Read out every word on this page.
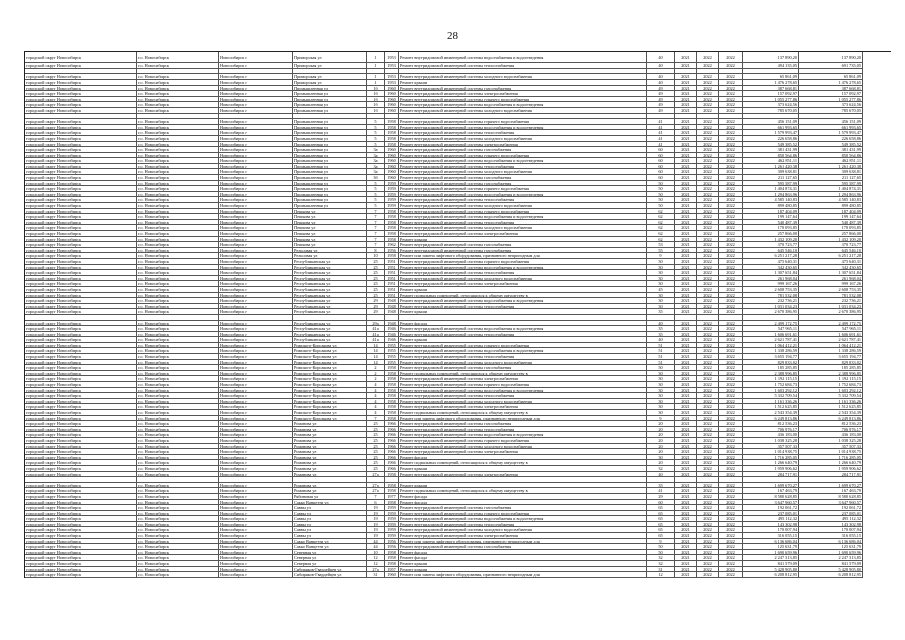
28
городской округ Новосибирск	г.о. Новосибирск	Новосибирск г	Приморская ул	1	1953 Ремонт внутридомовой инженерной системы водоснабжения и водоотведения	40	2021	2022	2022	137 890,20	137 890,20
городской округ Новосибирск	г.о. Новосибирск	Новосибирск г	Приморская ул	1	1953 Ремонт внутридомовой инженерной системы теплоснабжения	40	2021	2022	2022	494 135,05	691 735,05
городской округ Новосибирск	г.о. Новосибирск	Новосибирск г	Приморская ул	1	1953 Ремонт внутридомовой инженерной системы холодного водоснабжения	40	2021	2022	2022	65 861,09	65 861,09
городской округ Новосибирск	г.о. Новосибирск	Новосибирск г	Приморская ул	1	1953 Ремонт крыши	40	2021	2022	2022	1 476 278,65	1 476 278,65
городской округ Новосибирск	г.о. Новосибирск	Новосибирск г	Промышленная ул	1б	1960 Ремонт внутридомовой инженерной системы газоснабжения	49	2021	2022	2022	387 668,81	387 668,81
городской округ Новосибирск	г.о. Новосибирск	Новосибирск г	Промышленная ул	1б	1960 Ремонт внутридомовой инженерной системы электроснабжения	49	2021	2022	2022	157 092,97	157 092,97
городской округ Новосибирск	г.о. Новосибирск	Новосибирск г	Промышленная ул	1б	1960 Ремонт внутридомовой инженерной системы горячего водоснабжения	49	2021	2022	2022	1 055 277,86	1 055 277,86
городской округ Новосибирск	г.о. Новосибирск	Новосибирск г	Промышленная ул	1б	1960 Ремонт внутридомовой инженерной системы водоснабжения и водоотведения	49	2021	2022	2022	373 624,56	373 624,56
городской округ Новосибирск	г.о. Новосибирск	Новосибирск г	Промышленная ул	1б	1960 Ремонт внутридомовой инженерной системы холодного водоснабжения	49	2021	2022	2022	785 670,05	785 670,05
городской округ Новосибирск	г.о. Новосибирск	Новосибирск г	Промышленная ул	5	1958 Ремонт внутридомовой инженерной системы горячего водоснабжения	41	2021	2022	2022	456 151,09	456 151,09
городской округ Новосибирск	г.о. Новосибирск	Новосибирск г	Промышленная ул	5	1958 Ремонт внутридомовой инженерной системы водоснабжения и водоотведения	41	2021	2022	2022	661 993,65	661 993,65
городской округ Новосибирск	г.о. Новосибирск	Новосибирск г	Промышленная ул	5	1958 Ремонт внутридомовой инженерной системы теплоснабжения	41	2021	2022	2022	1 579 993,47	1 579 993,47
городской округ Новосибирск	г.о. Новосибирск	Новосибирск г	Промышленная ул	5	1958 Ремонт внутридомовой инженерной системы холодного водоснабжения	41	2021	2022	2022	226 658,86	226 658,86
городской округ Новосибирск	г.о. Новосибирск	Новосибирск г	Промышленная ул	5	1958 Ремонт внутридомовой инженерной системы электроснабжения	41	2021	2022	2022	549 385,52	549 385,52
городской округ Новосибирск	г.о. Новосибирск	Новосибирск г	Промышленная ул	3а	1960 Ремонт внутридомовой инженерной системы газоснабжения	60	2021	2022	2022	381 431,99	381 431,99
городской округ Новосибирск	г.о. Новосибирск	Новосибирск г	Промышленная ул	3а	1960 Ремонт внутридомовой инженерной системы горячего водоснабжения	60	2021	2022	2022	850 564,86	850 564,86
городской округ Новосибирск	г.о. Новосибирск	Новосибирск г	Промышленная ул	3а	1960 Ремонт внутридомовой инженерной системы водоснабжения и водоотведения	60	2021	2022	2022	462 851,11	462 851,11
городской округ Новосибирск	г.о. Новосибирск	Новосибирск г	Промышленная ул	3а	1960 Ремонт внутридомовой инженерной системы теплоснабжения	60	2021	2022	2022	1 261 420,38	1 261 420,38
городской округ Новосибирск	г.о. Новосибирск	Новосибирск г	Промышленная ул	3а	1960 Ремонт внутридомовой инженерной системы холодного водоснабжения	60	2021	2022	2022	309 638,81	309 638,81
городской округ Новосибирск	г.о. Новосибирск	Новосибирск г	Промышленная ул	3б	1960 Ремонт внутридомовой инженерной системы газоснабжения	60	2021	2022	2022	211 127,65	211 127,65
городской округ Новосибирск	г.о. Новосибирск	Новосибирск г	Промышленная ул	5	1959 Ремонт внутридомовой инженерной системы газоснабжения	50	2021	2022	2022	595 587,99	595 587,99
городской округ Новосибирск	г.о. Новосибирск	Новосибирск г	Промышленная ул	5	1959 Ремонт внутридомовой инженерной системы горячего водоснабжения	50	2021	2022	2022	1 404 874,31	1 404 874,31
городской округ Новосибирск	г.о. Новосибирск	Новосибирск г	Промышленная ул	5	1959 Ремонт внутридомовой инженерной системы водоснабжения и водоотведения	50	2021	2022	2022	1 294 863,96	1 294 863,96
городской округ Новосибирск	г.о. Новосибирск	Новосибирск г	Промышленная ул	5	1959 Ремонт внутридомовой инженерной системы теплоснабжения	50	2021	2022	2022	4 585 140,83	4 585 140,83
городской округ Новосибирск	г.о. Новосибирск	Новосибирск г	Промышленная ул	5	1959 Ремонт внутридомовой инженерной системы холодного водоснабжения	50	2021	2022	2022	899 480,85	899 480,85
городской округ Новосибирск	г.о. Новосибирск	Новосибирск г	Пешкова ул	7	1958 Ремонт внутридомовой инженерной системы горячего водоснабжения	62	2021	2022	2022	187 404,09	187 404,09
городской округ Новосибирск	г.о. Новосибирск	Новосибирск г	Пешкова ул	7	1958 Ремонт внутридомовой инженерной системы водоснабжения и водоотведения	62	2021	2022	2022	199 147,64	199 147,64
городской округ Новосибирск	г.о. Новосибирск	Новосибирск г	Пешкова ул	7	1958 Ремонт внутридомовой инженерной системы теплоснабжения	62	2021	2022	2022	540 487,39	540 487,39
городской округ Новосибирск	г.о. Новосибирск	Новосибирск г	Пешкова ул	7	1958 Ремонт внутридомовой инженерной системы холодного водоснабжения	62	2021	2022	2022	170 093,85	170 093,85
городской округ Новосибирск	г.о. Новосибирск	Новосибирск г	Пешкова ул	7	1958 Ремонт внутридомовой инженерной системы электроснабжения	62	2021	2022	2022	257 866,00	257 866,00
городской округ Новосибирск	г.о. Новосибирск	Новосибирск г	Пешкова ул	7	1958 Ремонт крыши	62	2021	2022	2022	1 432 109,20	1 432 109,20
городской округ Новосибирск	г.о. Новосибирск	Новосибирск г	Пешкова ул	7	1962 Ремонт внутридомовой инженерной системы газоснабжения	53	2021	2022	2022	370 723,77	370 723,77
городской округ Новосибирск	г.о. Новосибирск	Новосибирск г	Рельсовая ул	8	1956 Ремонт внутридомовой инженерной системы газоснабжения	55	2021	2022	2022	645 546,10	645 546,10
городской округ Новосибирск	г.о. Новосибирск	Новосибирск г	Рельсовая ул	10	1958 Ремонт или замена лифтового оборудования, признанного непригодным для	9	2021	2022	2022	6 251 217,28	6 251 217,28
городской округ Новосибирск	г.о. Новосибирск	Новосибирск г	Республиканская ул	25	1951 Ремонт внутридомовой инженерной системы горячего водоснабжения	30	2021	2022	2022	475 640,31	475 640,31
городской округ Новосибирск	г.о. Новосибирск	Новосибирск г	Республиканская ул	25	1951 Ремонт внутридомовой инженерной системы водоснабжения и водоотведения	30	2021	2022	2022	342 430,65	342 430,65
городской округ Новосибирск	г.о. Новосибирск	Новосибирск г	Республиканская ул	25	1951 Ремонт внутридомовой инженерной системы теплоснабжения	30	2021	2022	2022	1 307 651,84	1 307 651,84
городской округ Новосибирск	г.о. Новосибирск	Новосибирск г	Республиканская ул	25	1951 Ремонт внутридомовой инженерной системы холодного водоснабжения	30	2021	2022	2022	261 968,04	261 968,04
городской округ Новосибирск	г.о. Новосибирск	Новосибирск г	Республиканская ул	25	1951 Ремонт внутридомовой инженерной системы электроснабжения	30	2021	2022	2022	999 167,26	999 167,26
городской округ Новосибирск	г.о. Новосибирск	Новосибирск г	Республиканская ул	25	1951 Ремонт крыши	45	2021	2022	2022	2 608 753,35	2 608 753,35
городской округ Новосибирск	г.о. Новосибирск	Новосибирск г	Республиканская ул	25	1951 Ремонт подвальных помещений, относящихся к общему имуществу в	30	2021	2022	2022	781 532,08	781 532,08
городской округ Новосибирск	г.о. Новосибирск	Новосибирск г	Республиканская ул	29	1948 Ремонт внутридомовой инженерной системы водоснабжения и водоотведения	30	2021	2022	2022	232 736,21	232 736,21
городской округ Новосибирск	г.о. Новосибирск	Новосибирск г	Республиканская ул	29	1948 Ремонт внутридомовой инженерной системы теплоснабжения	30	2021	2022	2022	1 031 034,23	1 031 034,23
городской округ Новосибирск	г.о. Новосибирск	Новосибирск г	Республиканская ул	29	1948 Ремонт крыши	35	2021	2022	2022	2 670 386,95	2 670 386,95
городской округ Новосибирск	г.о. Новосибирск	Новосибирск г	Республиканская ул	29а	1948 Ремонт фасада	40	2021	2022	2022	2 499 172,75	2 499 172,75
городской округ Новосибирск	г.о. Новосибирск	Новосибирск г	Республиканская ул	41а	1946 Ремонт внутридомовой инженерной системы водоснабжения и водоотведения	35	2021	2022	2022	547 965,11	547 965,11
городской округ Новосибирск	г.о. Новосибирск	Новосибирск г	Республиканская ул	41а	1946 Ремонт внутридомовой инженерной системы теплоснабжения	35	2021	2022	2022	1 606 691,61	1 606 691,61
городской округ Новосибирск	г.о. Новосибирск	Новосибирск г	Республиканская ул	41а	1946 Ремонт крыши	40	2021	2022	2022	2 621 787,41	2 621 787,41
городской округ Новосибирск	г.о. Новосибирск	Новосибирск г	Римского-Корсакова ул	14	1955 Ремонт внутридомовой инженерной системы горячего водоснабжения	51	2021	2022	2022	1 064 412,21	1 064 412,21
городской округ Новосибирск	г.о. Новосибирск	Новосибирск г	Римского-Корсакова ул	14	1955 Ремонт внутридомовой инженерной системы водоснабжения и водоотведения	51	2021	2022	2022	1 338 286,59	1 338 286,59
городской округ Новосибирск	г.о. Новосибирск	Новосибирск г	Римского-Корсакова ул	14	1955 Ремонт внутридомовой инженерной системы теплоснабжения	51	2021	2022	2022	3 655 194,77	3 655 194,77
городской округ Новосибирск	г.о. Новосибирск	Новосибирск г	Римского-Корсакова ул	14	1955 Ремонт внутридомовой инженерной системы холодного водоснабжения	51	2021	2022	2022	829 833,02	829 833,02
городской округ Новосибирск	г.о. Новосибирск	Новосибирск г	Римского-Корсакова ул	2	1958 Ремонт внутридомовой инженерной системы газоснабжения	50	2021	2022	2022	185 285,85	185 285,85
городской округ Новосибирск	г.о. Новосибирск	Новосибирск г	Римского-Корсакова ул	2	1958 Ремонт подвальных помещений, относящихся к общему имуществу в	30	2021	2022	2022	2 388 996,85	2 388 996,85
городской округ Новосибирск	г.о. Новосибирск	Новосибирск г	Римского-Корсакова ул	2	1958 Ремонт внутридомовой инженерной системы электроснабжения	30	2021	2022	2022	1 192 115,15	1 192 115,15
городской округ Новосибирск	г.о. Новосибирск	Новосибирск г	Римского-Корсакова ул	4	1958 Ремонт внутридомовой инженерной системы горячего водоснабжения	30	2021	2022	2022	1 752 684,73	1 752 684,73
городской округ Новосибирск	г.о. Новосибирск	Новосибирск г	Римского-Корсакова ул	4	1958 Ремонт внутридомовой инженерной системы водоснабжения и водоотведения	30	2021	2022	2022	1 603 292,12	1 603 292,12
городской округ Новосибирск	г.о. Новосибирск	Новосибирск г	Римского-Корсакова ул	4	1958 Ремонт внутридомовой инженерной системы теплоснабжения	30	2021	2022	2022	5 332 709,54	5 332 709,54
городской округ Новосибирск	г.о. Новосибирск	Новосибирск г	Римского-Корсакова ул	4	1958 Ремонт внутридомовой инженерной системы холодного водоснабжения	30	2021	2022	2022	1 161 336,26	1 161 336,26
городской округ Новосибирск	г.о. Новосибирск	Новосибирск г	Римского-Корсакова ул	4	1958 Ремонт внутридомовой инженерной системы электроснабжения	30	2021	2022	2022	1 512 625,85	1 512 625,85
городской округ Новосибирск	г.о. Новосибирск	Новосибирск г	Римского-Корсакова ул	4	1958 Ремонт подвальных помещений, относящихся к общему имуществу в	30	2021	2022	2022	2 543 354,39	2 543 354,39
городской округ Новосибирск	г.о. Новосибирск	Новосибирск г	Римского-Корсакова ул	7	1958 Ремонт или замена лифтового оборудования, признанного непригодным для	9	2021	2022	2022	6 249 813,86	6 249 813,86
городской округ Новосибирск	г.о. Новосибирск	Новосибирск г	Романова ул	25	1966 Ремонт внутридомовой инженерной системы газоснабжения	20	2021	2022	2022	812 536,23	812 536,23
городской округ Новосибирск	г.о. Новосибирск	Новосибирск г	Романова ул	25	1966 Ремонт внутридомовой инженерной системы теплоснабжения	20	2021	2022	2022	706 976,17	706 976,17
городской округ Новосибирск	г.о. Новосибирск	Новосибирск г	Романова ул	25	1966 Ремонт внутридомовой инженерной системы водоснабжения и водоотведения	20	2021	2022	2022	436 183,00	436 183,00
городской округ Новосибирск	г.о. Новосибирск	Новосибирск г	Романова ул	25	1966 Ремонт внутридомовой инженерной системы горячего водоснабжения	20	2021	2022	2022	1 038 325,28	1 038 325,28
городской округ Новосибирск	г.о. Новосибирск	Новосибирск г	Романова ул	25	1966 Ремонт внутридомовой инженерной системы холодного водоснабжения	20	2021	2022	2022	357 507,33	357 507,33
городской округ Новосибирск	г.о. Новосибирск	Новосибирск г	Романова ул	25	1966 Ремонт внутридомовой инженерной системы электроснабжения	20	2021	2022	2022	1 014 938,75	1 014 938,75
городской округ Новосибирск	г.о. Новосибирск	Новосибирск г	Романова ул	25	1966 Ремонт фасада	30	2021	2022	2022	1 716 285,05	1 716 285,05
городской округ Новосибирск	г.о. Новосибирск	Новосибирск г	Романова ул	25	1966 Ремонт подвальных помещений, относящихся к общему имуществу в	20	2021	2022	2022	1 266 640,79	1 266 640,79
городской округ Новосибирск	г.о. Новосибирск	Новосибирск г	Романова ул	25	1966 Ремонт крыши	32	2021	2022	2022	1 959 906,62	1 959 906,62
городской округ Новосибирск	г.о. Новосибирск	Новосибирск г	Романова ул	27а	1958 Ремонт внутридомовой инженерной системы электроснабжения	40	2021	2022	2022	284 717,91	284 717,91
городской округ Новосибирск	г.о. Новосибирск	Новосибирск г	Романова ул	27а	1958 Ремонт крыши	35	2021	2022	2022	1 699 670,27	1 699 670,27
городской округ Новосибирск	г.о. Новосибирск	Новосибирск г	Романова ул	27а	1958 Ремонт подвальных помещений, относящихся к общему имуществу в	41	2021	2022	2022	167 463,79	167 463,79
городской округ Новосибирск	г.о. Новосибирск	Новосибирск г	Рябиновая ул	7	1977 Ремонт фасада	29	2021	2022	2022	8 580 628,85	8 580 628,85
городской округ Новосибирск	г.о. Новосибирск	Новосибирск г	Сакко Ванцетти ул	6	1958 Ремонт фасада	60	2021	2022	2022	3 647 960,57	3 647 960,57
городской округ Новосибирск	г.о. Новосибирск	Новосибирск г	Саввы ул	19	1959 Ремонт внутридомовой инженерной системы газоснабжения	65	2021	2022	2022	192 061,72	192 061,72
городской округ Новосибирск	г.о. Новосибирск	Новосибирск г	Саввы ул	19	1959 Ремонт внутридомовой инженерной системы горячего водоснабжения	65	2021	2022	2022	237 085,01	237 085,01
городской округ Новосибирск	г.о. Новосибирск	Новосибирск г	Саввы ул	19	1959 Ремонт внутридомовой инженерной системы водоснабжения и водоотведения	65	2021	2022	2022	495 112,32	495 112,32
городской округ Новосибирск	г.о. Новосибирск	Новосибирск г	Саввы ул	19	1959 Ремонт внутридомовой инженерной системы теплоснабжения	65	2021	2022	2022	143 302,98	143 302,98
городской округ Новосибирск	г.о. Новосибирск	Новосибирск г	Саввы ул	19	1959 Ремонт внутридомовой инженерной системы холодного водоснабжения	65	2021	2022	2022	170 007,94	170 007,94
городской округ Новосибирск	г.о. Новосибирск	Новосибирск г	Саввы ул	19	1959 Ремонт внутридомовой инженерной системы электроснабжения	65	2021	2022	2022	316 055,15	316 055,15
городской округ Новосибирск	г.о. Новосибирск	Новосибирск г	Сакко Ванцетти ул	44	1956 Ремонт или замена лифтового оборудования, признанного непригодным для	9	2021	2022	2022	6 136 686,04	6 136 686,04
городской округ Новосибирск	г.о. Новосибирск	Новосибирск г	Сакко Ванцетти ул	44	1956 Ремонт внутридомовой инженерной системы газоснабжения	50	2021	2022	2022	125 631,79	125 631,79
городской округ Новосибирск	г.о. Новосибирск	Новосибирск г	Северная ул	10	1958 Ремонт фасада	50	2021	2022	2022	1 690 659,96	1 690 659,96
городской округ Новосибирск	г.о. Новосибирск	Новосибирск г	Северная ул	12	1958 Ремонт фасада	32	2021	2022	2022	2 247 313,85	2 247 313,85
городской округ Новосибирск	г.о. Новосибирск	Новосибирск г	Северная ул	12	1958 Ремонт крыши	32	2021	2022	2022	841 579,09	841 579,09
городской округ Новосибирск	г.о. Новосибирск	Новосибирск г	Сибиряков-Гвардейцев ул	27а	1957 Ремонт крыши	31	2021	2022	2022	5 428 905,80	5 428 905,80
городской округ Новосибирск	г.о. Новосибирск	Новосибирск г	Сибиряков-Гвардейцев ул	31	1960 Ремонт или замена лифтового оборудования, признанного непригодным для	12	2021	2022	2022	6 208 812,95	6 208 812,95
